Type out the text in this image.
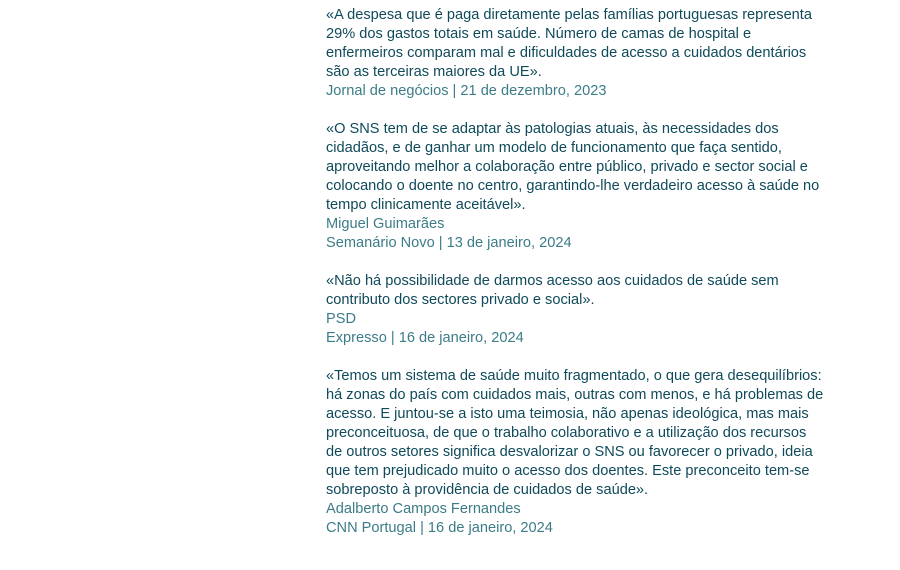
«A despesa que é paga diretamente pelas famílias portuguesas representa 29% dos gastos totais em saúde. Número de camas de hospital e enfermeiros comparam mal e dificuldades de acesso a cuidados dentários são as terceiras maiores da UE».

Jornal de negócios | 21 de dezembro, 2023

«O SNS tem de se adaptar às patologias atuais, às necessidades dos cidadãos, e de ganhar um modelo de funcionamento que faça sentido, aproveitando melhor a colaboração entre público, privado e sector social e colocando o doente no centro, garantindo-lhe verdadeiro acesso à saúde no tempo clinicamente aceitável».

Miguel Guimarães

Semanário Novo | 13 de janeiro, 2024

«Não há possibilidade de darmos acesso aos cuidados de saúde sem contributo dos sectores privado e social».

PSD

Expresso | 16 de janeiro, 2024

«Temos um sistema de saúde muito fragmentado, o que gera desequilíbrios: há zonas do país com cuidados mais, outras com menos, e há problemas de acesso. E juntou-se a isto uma teimosia, não apenas ideológica, mas mais preconceituosa, de que o trabalho colaborativo e a utilização dos recursos de outros setores significa desvalorizar o SNS ou favorecer o privado, ideia que tem prejudicado muito o acesso dos doentes. Este preconceito tem-se sobreposto à providência de cuidados de saúde».

Adalberto Campos Fernandes

CNN Portugal | 16 de janeiro, 2024
